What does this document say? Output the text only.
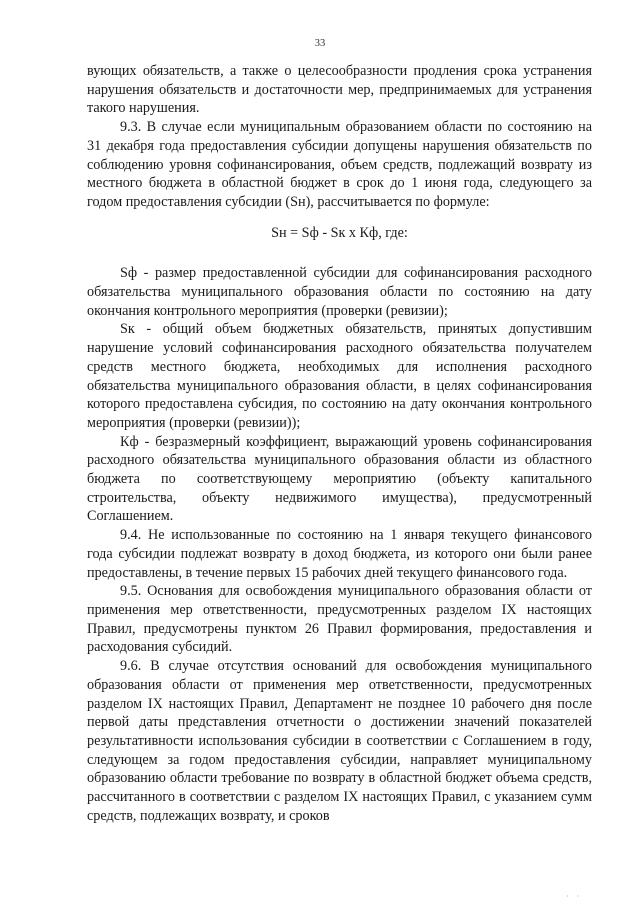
33

вующих обязательств, а также о целесообразности продления срока устранения нарушения обязательств и достаточности мер, предпринимаемых для устранения такого нарушения.

9.3. В случае если муниципальным образованием области по состоянию на 31 декабря года предоставления субсидии допущены нарушения обязательств по соблюдению уровня софинансирования, объем средств, подлежащий возврату из местного бюджета в областной бюджет в срок до 1 июня года, следующего за годом предоставления субсидии (Sн), рассчитывается по формуле:

Sн = Sф - Sк х Кф, где:

Sф - размер предоставленной субсидии для софинансирования расходного обязательства муниципального образования области по состоянию на дату окончания контрольного мероприятия (проверки (ревизии);

Sк - общий объем бюджетных обязательств, принятых допустившим нарушение условий софинансирования расходного обязательства получателем средств местного бюджета, необходимых для исполнения расходного обязательства муниципального образования области, в целях софинансирования которого предоставлена субсидия, по состоянию на дату окончания контрольного мероприятия (проверки (ревизии));

Кф - безразмерный коэффициент, выражающий уровень софинансирования расходного обязательства муниципального образования области из областного бюджета по соответствующему мероприятию (объекту капитального строительства, объекту недвижимого имущества), предусмотренный Соглашением.

9.4. Не использованные по состоянию на 1 января текущего финансового года субсидии подлежат возврату в доход бюджета, из которого они были ранее предоставлены, в течение первых 15 рабочих дней текущего финансового года.

9.5. Основания для освобождения муниципального образования области от применения мер ответственности, предусмотренных разделом IX настоящих Правил, предусмотрены пунктом 26 Правил формирования, предоставления и расходования субсидий.

9.6. В случае отсутствия оснований для освобождения муниципального образования области от применения мер ответственности, предусмотренных разделом IX настоящих Правил, Департамент не позднее 10 рабочего дня после первой даты представления отчетности о достижении значений показателей результативности использования субсидии в соответствии с Соглашением в году, следующем за годом предоставления субсидии, направляет муниципальному образованию области требование по возврату в областной бюджет объема средств, рассчитанного в соответствии с разделом IX настоящих Правил, с указанием сумм средств, подлежащих возврату, и сроков

· ·
